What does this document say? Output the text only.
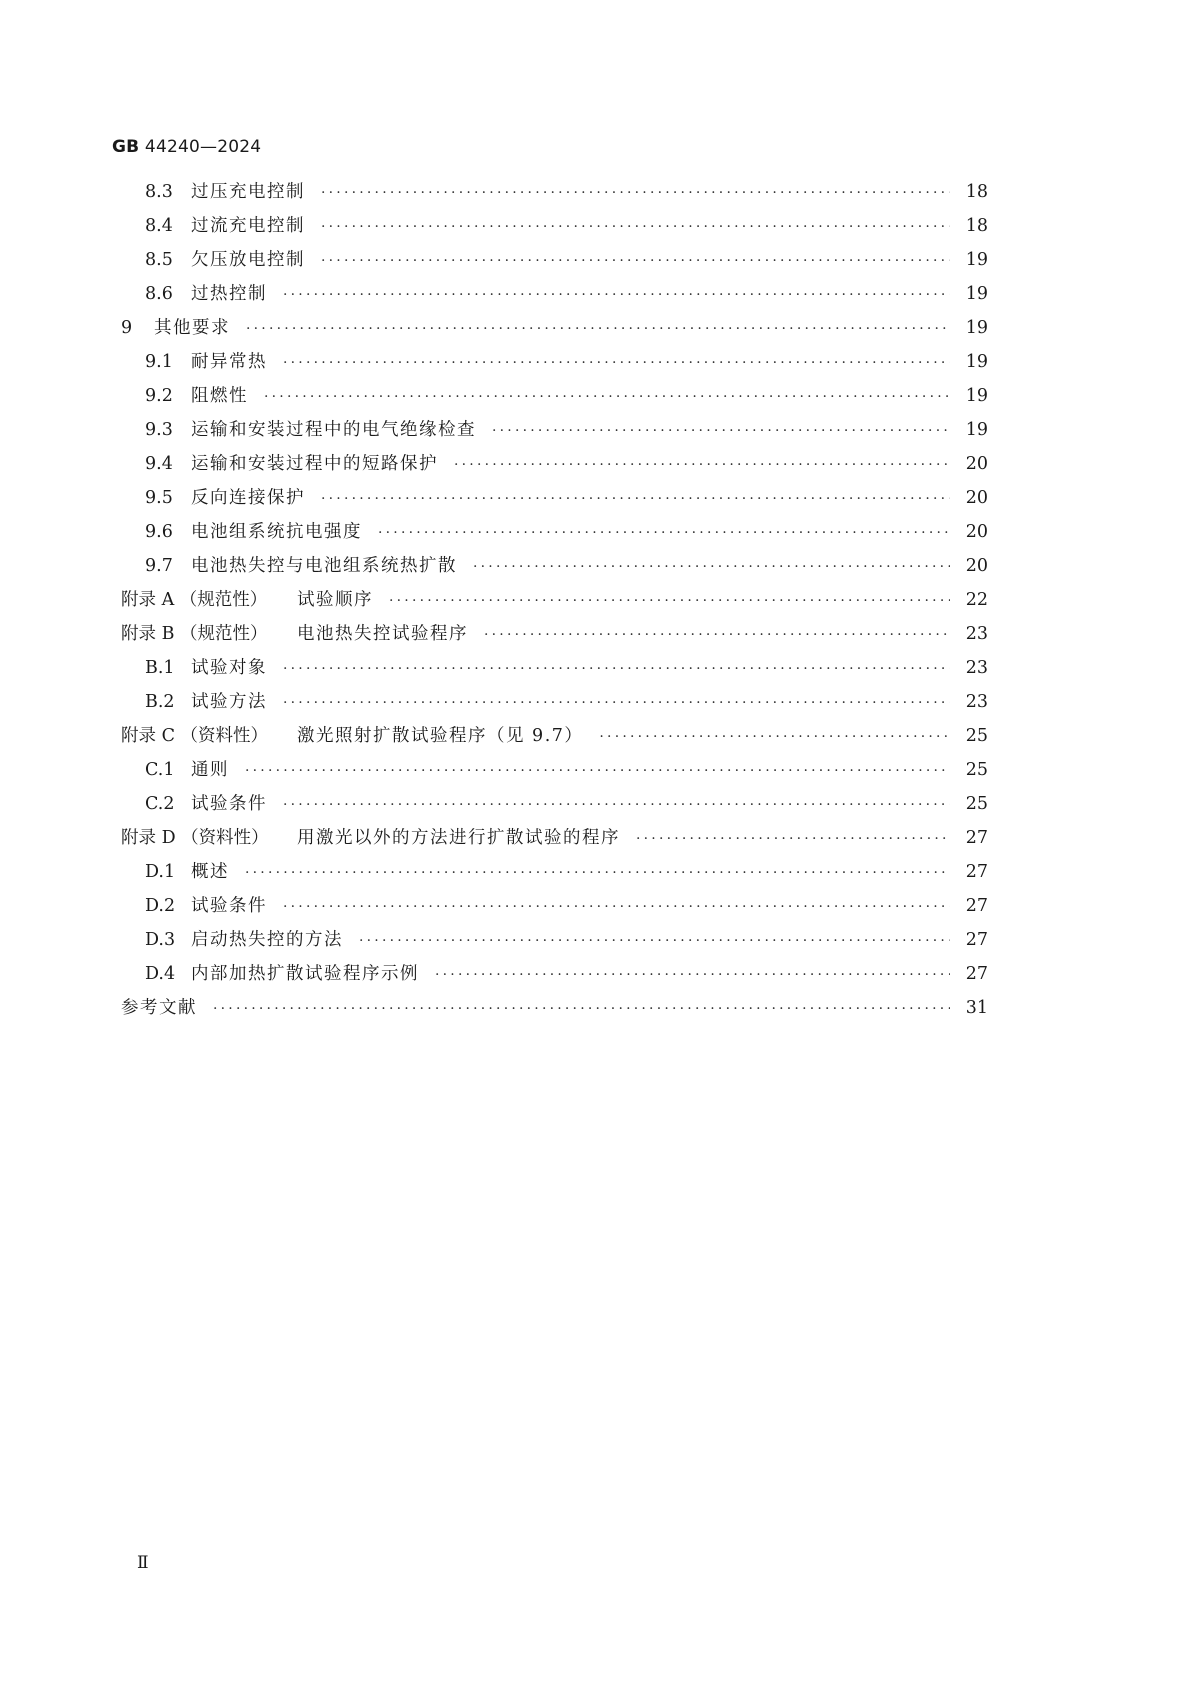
GB 44240—2024
8.3	过压充电控制 ·····	18
8.4	过流充电控制 ·····	18
8.5	欠压放电控制 ·····	19
8.6	过热控制 ·····	19
9	其他要求 ·····	19
9.1	耐异常热 ·····	19
9.2	阻燃性 ·····	19
9.3	运输和安装过程中的电气绝缘检查 ·····	19
9.4	运输和安装过程中的短路保护 ·····	20
9.5	反向连接保护 ·····	20
9.6	电池组系统抗电强度 ·····	20
9.7	电池热失控与电池组系统热扩散 ·····	20
附录 A （规范性）	试验顺序 ·····	22
附录 B （规范性）	电池热失控试验程序 ·····	23
B.1 试验对象 ·····	23
B.2 试验方法 ·····	23
附录 C （资料性）	激光照射扩散试验程序（见 9.7） ·····	25
C.1 通则 ·····	25
C.2 试验条件 ·····	25
附录 D （资料性）	用激光以外的方法进行扩散试验的程序 ·····	27
D.1 概述 ·····	27
D.2 试验条件 ·····	27
D.3 启动热失控的方法 ·····	27
D.4 内部加热扩散试验程序示例 ·····	27
参考文献 ·····	31
Ⅱ
